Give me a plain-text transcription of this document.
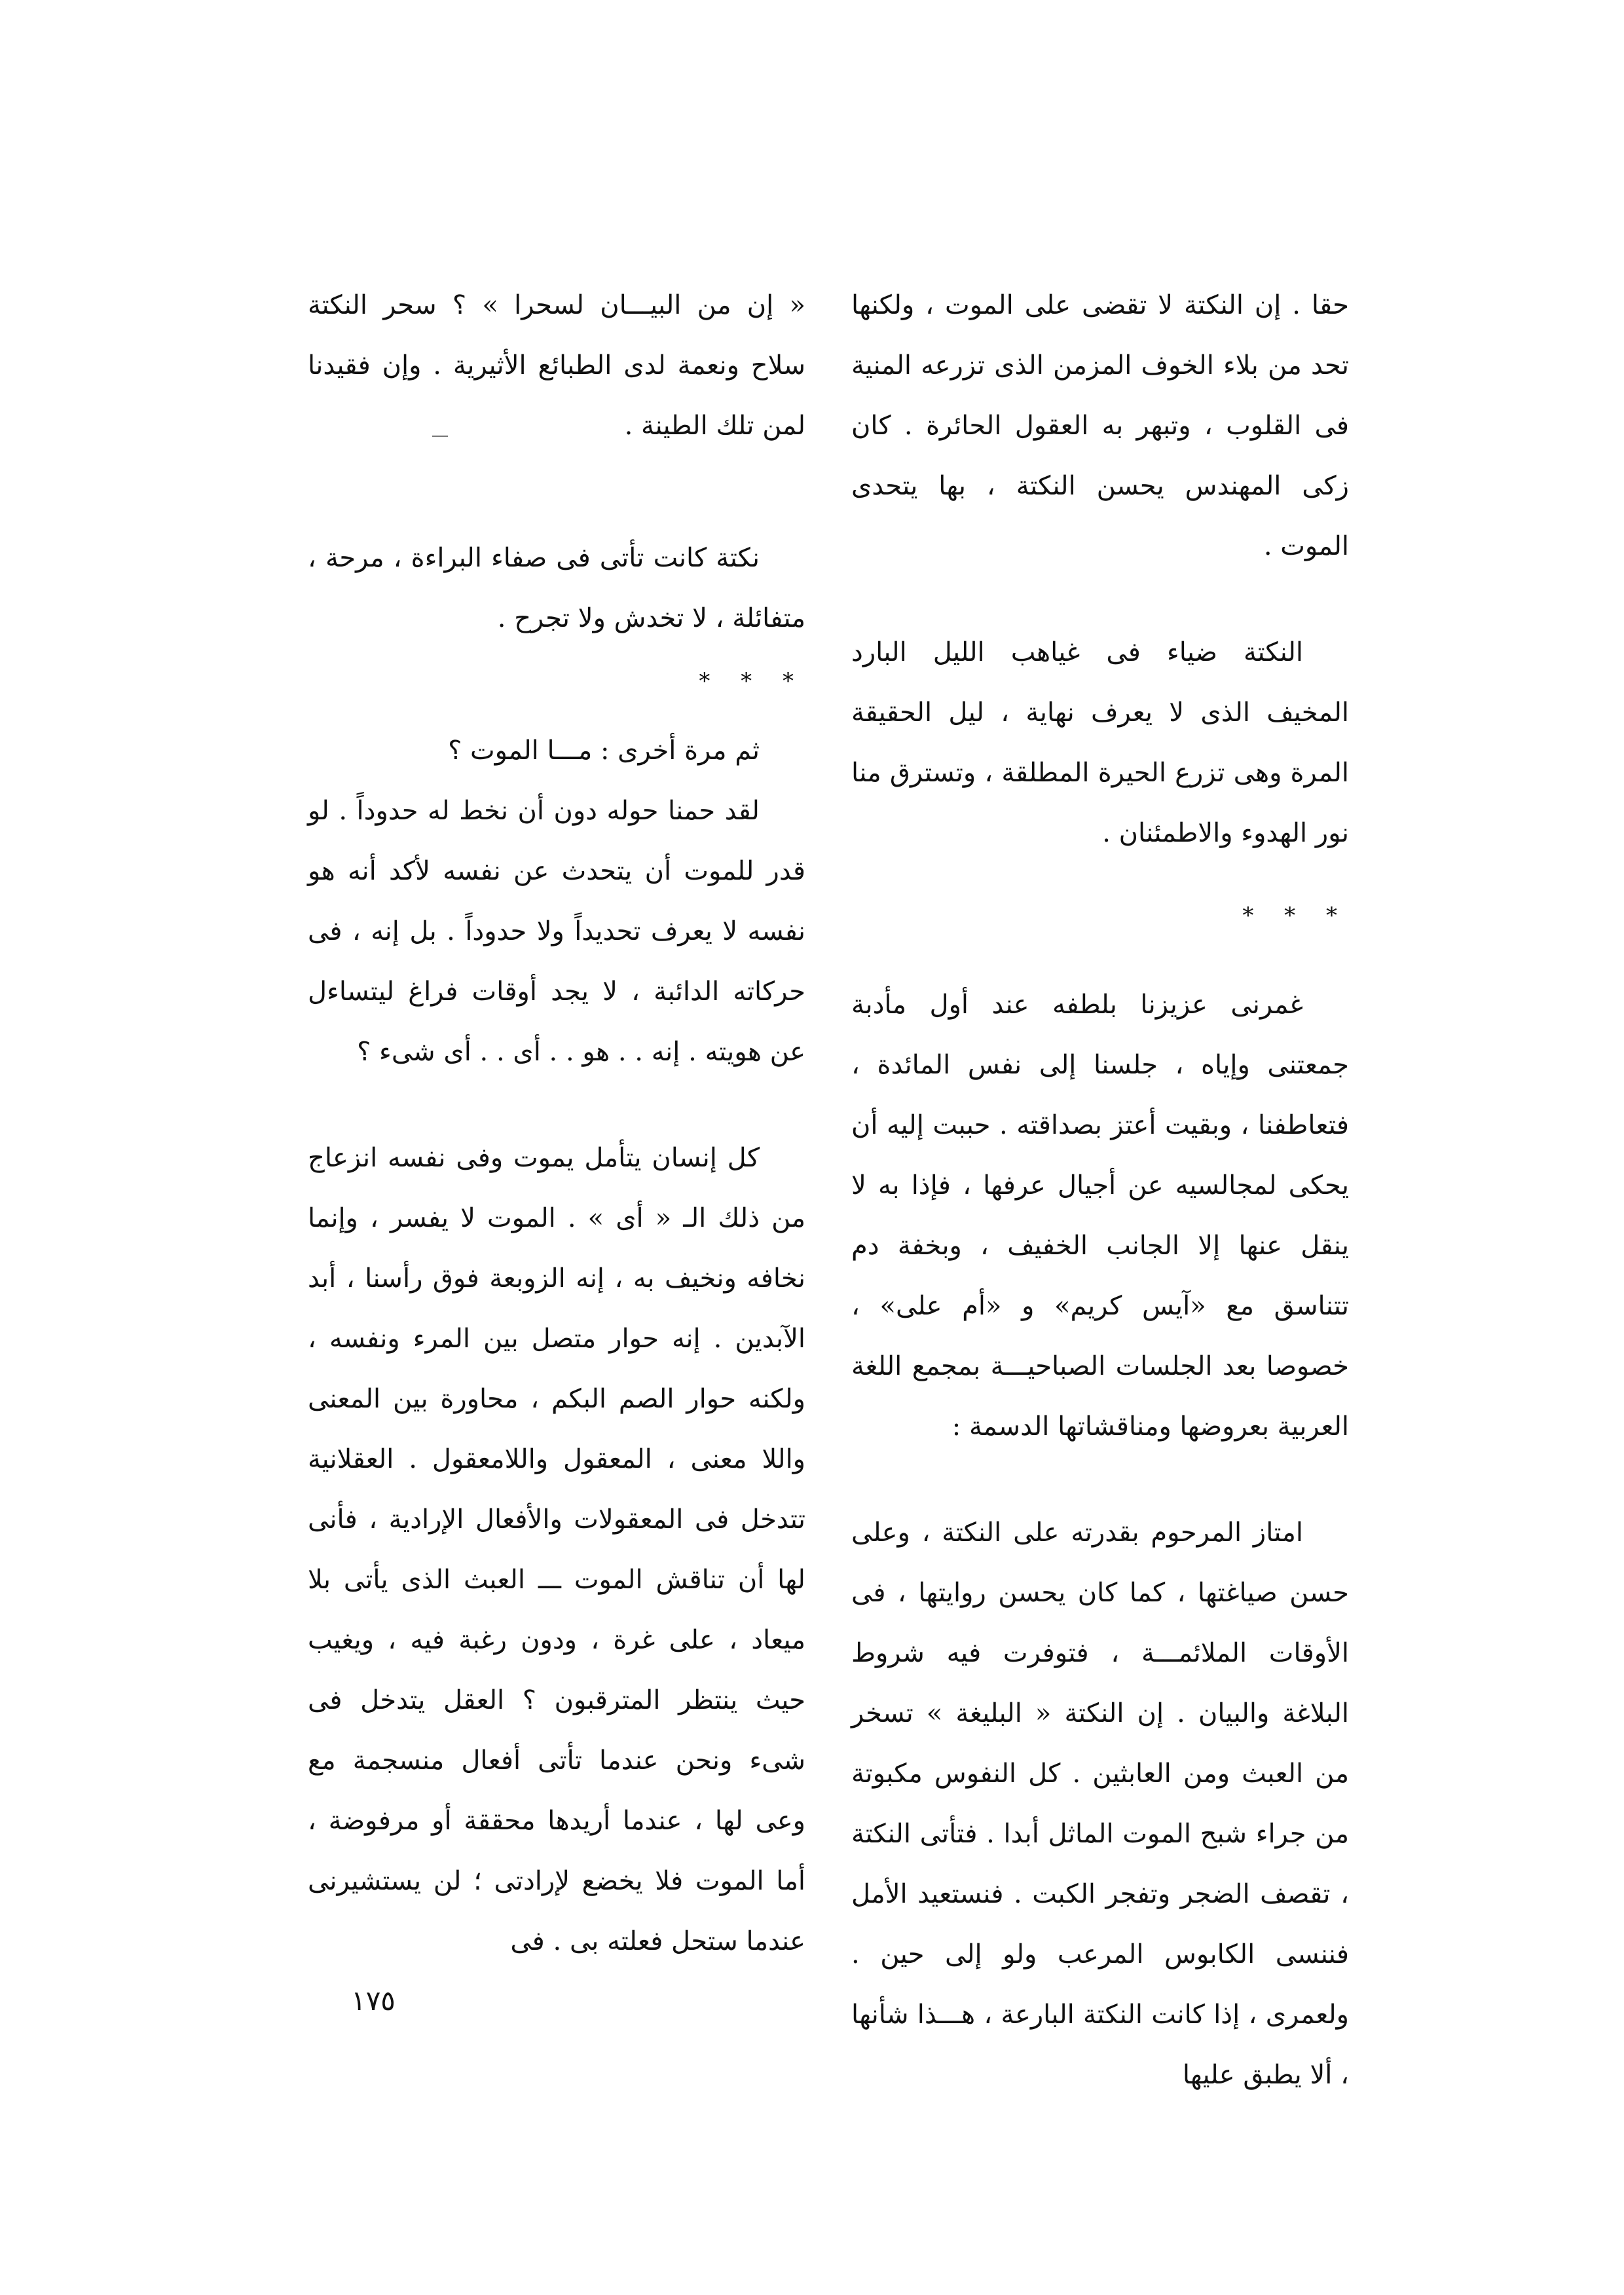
حقا . إن النكتة لا تقضى على الموت ، ولكنها تحد من بلاء الخوف المزمن الذى تزرعه المنية فى القلوب ، وتبهر به العقول الحائرة . كان زكى المهندس يحسن النكتة ، بها يتحدى الموت .

النكتة ضياء فى غياهب الليل البارد المخيف الذى لا يعرف نهاية ، ليل الحقيقة المرة وهى تزرع الحيرة المطلقة ، وتسترق منا نور الهدوء والاطمئنان .

* * *

غمرنى عزيزنا بلطفه عند أول مأدبة جمعتنى وإياه ، جلسنا إلى نفس المائدة ، فتعاطفنا ، وبقيت أعتز بصداقته . حببت إليه أن يحكى لمجالسيه عن أجيال عرفها ، فإذا به لا ينقل عنها إلا الجانب الخفيف ، وبخفة دم تتناسق مع «آيس كريم» و «أم على» ، خصوصا بعد الجلسات الصباحيـــة بمجمع اللغة العربية بعروضها ومناقشاتها الدسمة :

امتاز المرحوم بقدرته على النكتة ، وعلى حسن صياغتها ، كما كان يحسن روايتها ، فى الأوقات الملائمـــة ، فتوفرت فيه شروط البلاغة والبيان . إن النكتة « البليغة » تسخر من العبث ومن العابثين . كل النفوس مكبوتة من جراء شبح الموت الماثل أبدا . فتأتى النكتة ، تقصف الضجر وتفجر الكبت . فنستعيد الأمل فننسى الكابوس المرعب ولو إلى حين . ولعمرى ، إذا كانت النكتة البارعة ، هـــذا شأنها ، ألا يطبق عليها

« إن من البيـــان لسحرا » ؟ سحر النكتة سلاح ونعمة لدى الطبائع الأثيرية . وإن فقيدنا لمن تلك الطينة .

نكتة كانت تأتى فى صفاء البراءة ، مرحة ، متفائلة ، لا تخدش ولا تجرح .

* * *

ثم مرة أخرى : مـــا الموت ؟

لقد حمنا حوله دون أن نخط له حدوداً . لو قدر للموت أن يتحدث عن نفسه لأكد أنه هو نفسه لا يعرف تحديداً ولا حدوداً . بل إنه ، فى حركاته الدائبة ، لا يجد أوقات فراغ ليتساءل عن هويته . إنه . . هو . . أى . . أى شىء ؟

كل إنسان يتأمل يموت وفى نفسه انزعاج من ذلك الـ « أى » . الموت لا يفسر ، وإنما نخافه ونخيف به ، إنه الزوبعة فوق رأسنا ، أبد الآبدين . إنه حوار متصل بين المرء ونفسه ، ولكنه حوار الصم البكم ، محاورة بين المعنى واللا معنى ، المعقول واللامعقول . العقلانية تتدخل فى المعقولات والأفعال الإرادية ، فأنى لها أن تناقش الموت ـــ العبث الذى يأتى بلا ميعاد ، على غرة ، ودون رغبة فيه ، ويغيب حيث ينتظر المترقبون ؟ العقل يتدخل فى شىء ونحن عندما تأتى أفعال منسجمة مع وعى لها ، عندما أريدها محققة أو مرفوضة ، أما الموت فلا يخضع لإرادتى ؛ لن يستشيرنى عندما ستحل فعلته بى . فى

١٧٥
